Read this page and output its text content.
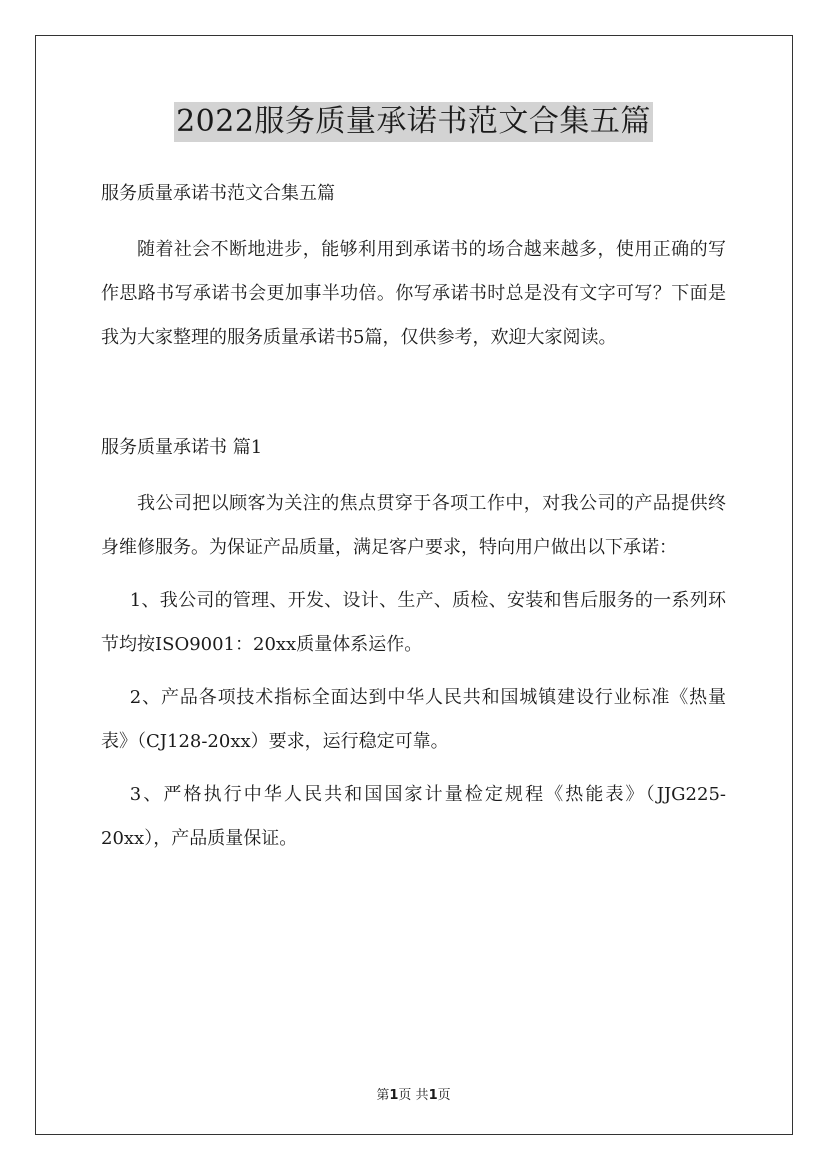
2022服务质量承诺书范文合集五篇

服务质量承诺书范文合集五篇

随着社会不断地进步，能够利用到承诺书的场合越来越多，使用正确的写作思路书写承诺书会更加事半功倍。你写承诺书时总是没有文字可写？下面是我为大家整理的服务质量承诺书5篇，仅供参考，欢迎大家阅读。

服务质量承诺书 篇1

我公司把以顾客为关注的焦点贯穿于各项工作中，对我公司的产品提供终身维修服务。为保证产品质量，满足客户要求，特向用户做出以下承诺：

1、我公司的管理、开发、设计、生产、质检、安装和售后服务的一系列环节均按ISO9001：20xx质量体系运作。

2、产品各项技术指标全面达到中华人民共和国城镇建设行业标准《热量表》（CJ128-20xx）要求，运行稳定可靠。

3、严格执行中华人民共和国国家计量检定规程《热能表》（JJG225-20xx），产品质量保证。

第1页 共1页
